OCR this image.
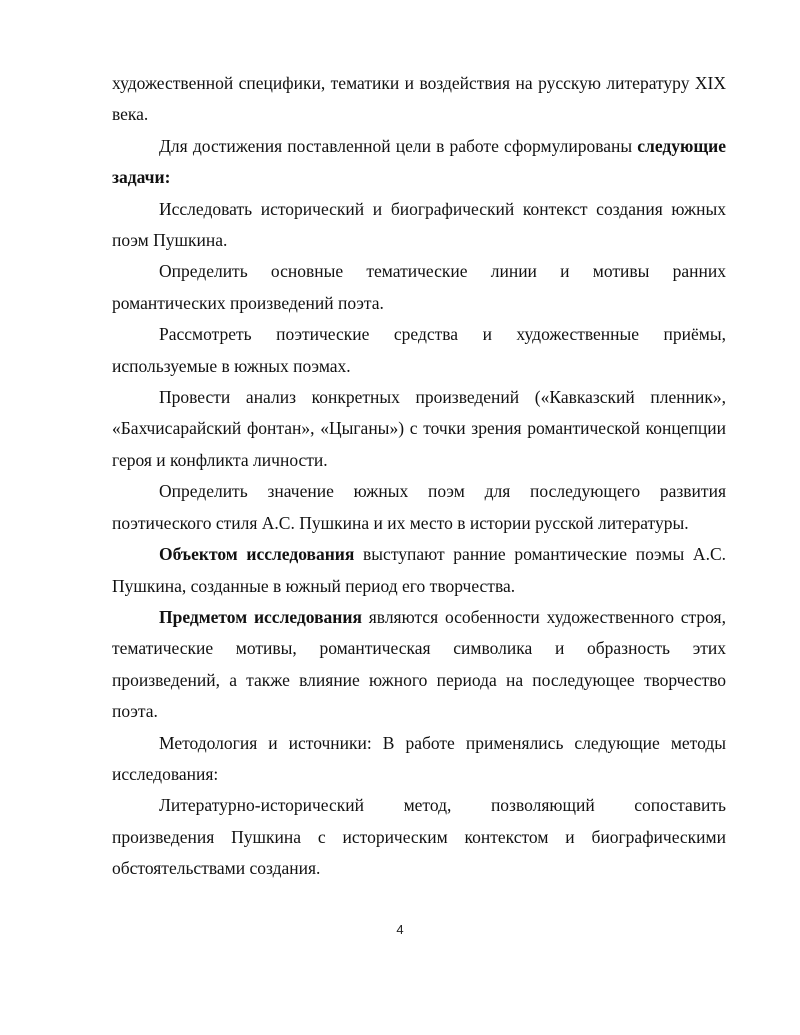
художественной специфики, тематики и воздействия на русскую литературу XIX века.

Для достижения поставленной цели в работе сформулированы следующие задачи:

Исследовать исторический и биографический контекст создания южных поэм Пушкина.

Определить основные тематические линии и мотивы ранних романтических произведений поэта.

Рассмотреть поэтические средства и художественные приёмы, используемые в южных поэмах.

Провести анализ конкретных произведений («Кавказский пленник», «Бахчисарайский фонтан», «Цыганы») с точки зрения романтической концепции героя и конфликта личности.

Определить значение южных поэм для последующего развития поэтического стиля А.С. Пушкина и их место в истории русской литературы.

Объектом исследования выступают ранние романтические поэмы А.С. Пушкина, созданные в южный период его творчества.

Предметом исследования являются особенности художественного строя, тематические мотивы, романтическая символика и образность этих произведений, а также влияние южного периода на последующее творчество поэта.

Методология и источники: В работе применялись следующие методы исследования:

Литературно-исторический метод, позволяющий сопоставить произведения Пушкина с историческим контекстом и биографическими обстоятельствами создания.

4
